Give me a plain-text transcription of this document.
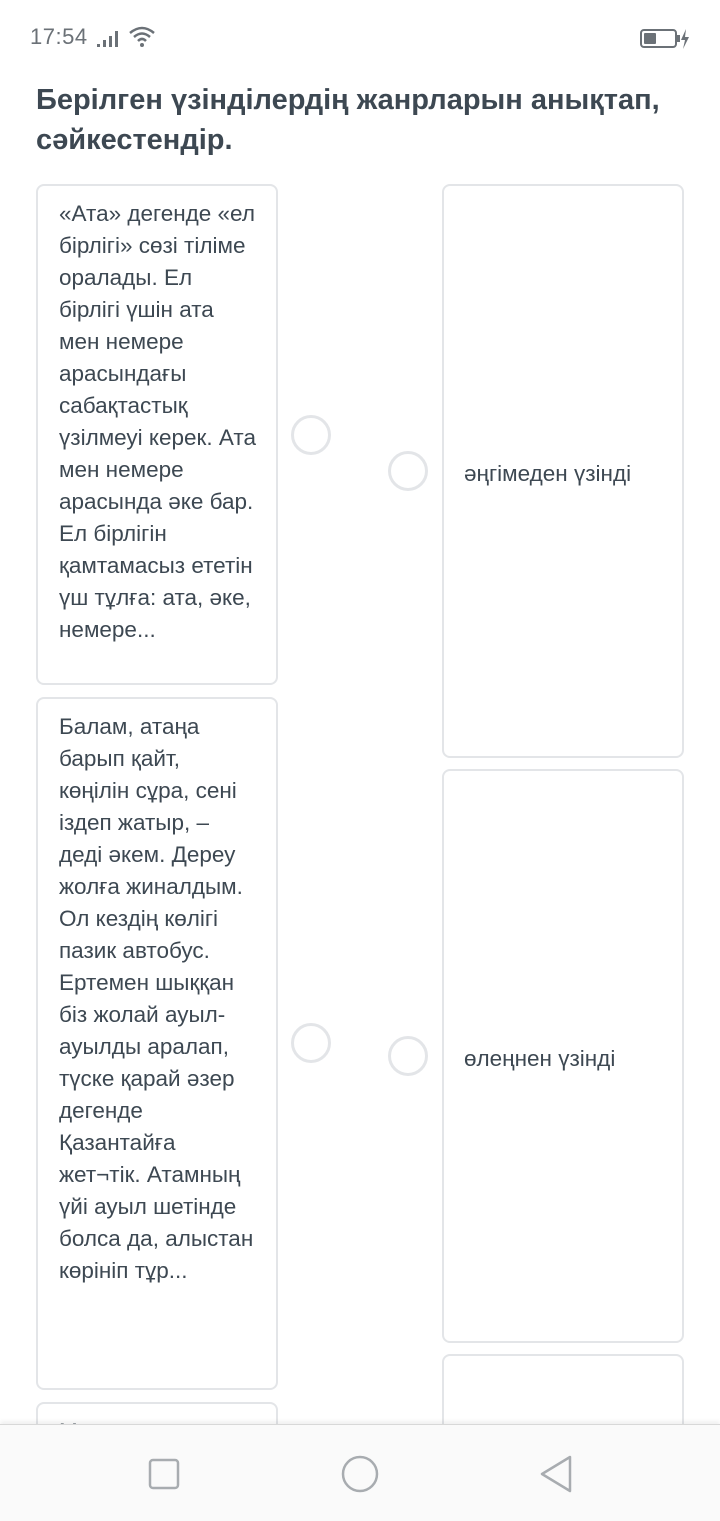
17:54
Берілген үзінділердің жанрларын анықтап, сәйкестендір.

«Ата» дегенде «ел бірлігі» сөзі тіліме оралады. Ел бірлігі үшін ата мен немере арасындағы сабақтастық үзілмеуі керек. Ата мен немере арасында әке бар. Ел бірлігін қамтамасыз ететін үш тұлға: ата, әке, немере...

Балам, атаңа барып қайт, көңілін сұра, сені іздеп жатыр, – деді әкем. Дереу жолға жиналдым. Ол кездің көлігі пазик автобус. Ертемен шыққан біз жолай ауыл-ауылды аралап, түске қарай әзер дегенде Қазантайға жет¬тік. Атамның үйі ауыл шетінде болса да, алыстан көрініп тұр...

әңгімеден үзінді
өлеңнен үзінді
